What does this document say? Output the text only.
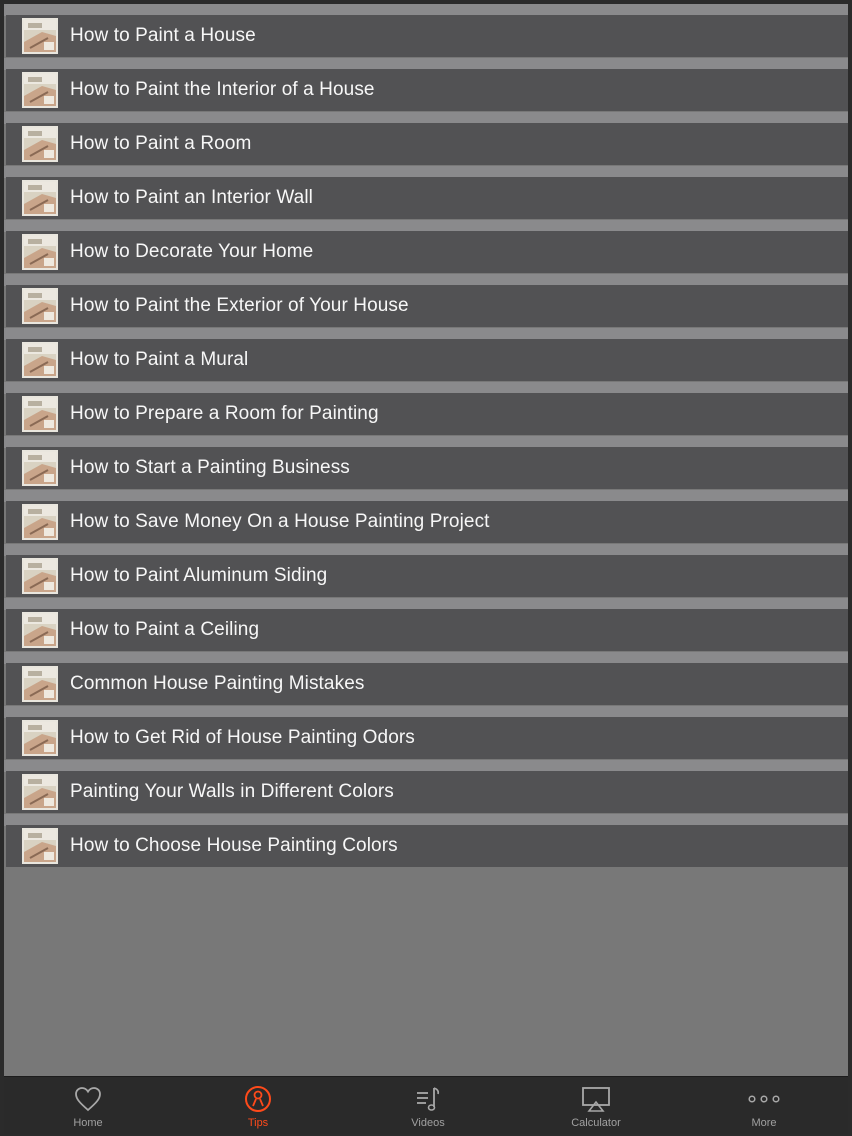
How to Paint a House
How to Paint the Interior of a House
How to Paint a Room
How to Paint an Interior Wall
How to Decorate Your Home
How to Paint the Exterior of Your House
How to Paint a Mural
How to Prepare a Room for Painting
How to Start a Painting Business
How to Save Money On a House Painting Project
How to Paint Aluminum Siding
How to Paint a Ceiling
Common House Painting Mistakes
How to Get Rid of House Painting Odors
Painting Your Walls in Different Colors
How to Choose House Painting Colors
Home	Tips	Videos	Calculator	More
